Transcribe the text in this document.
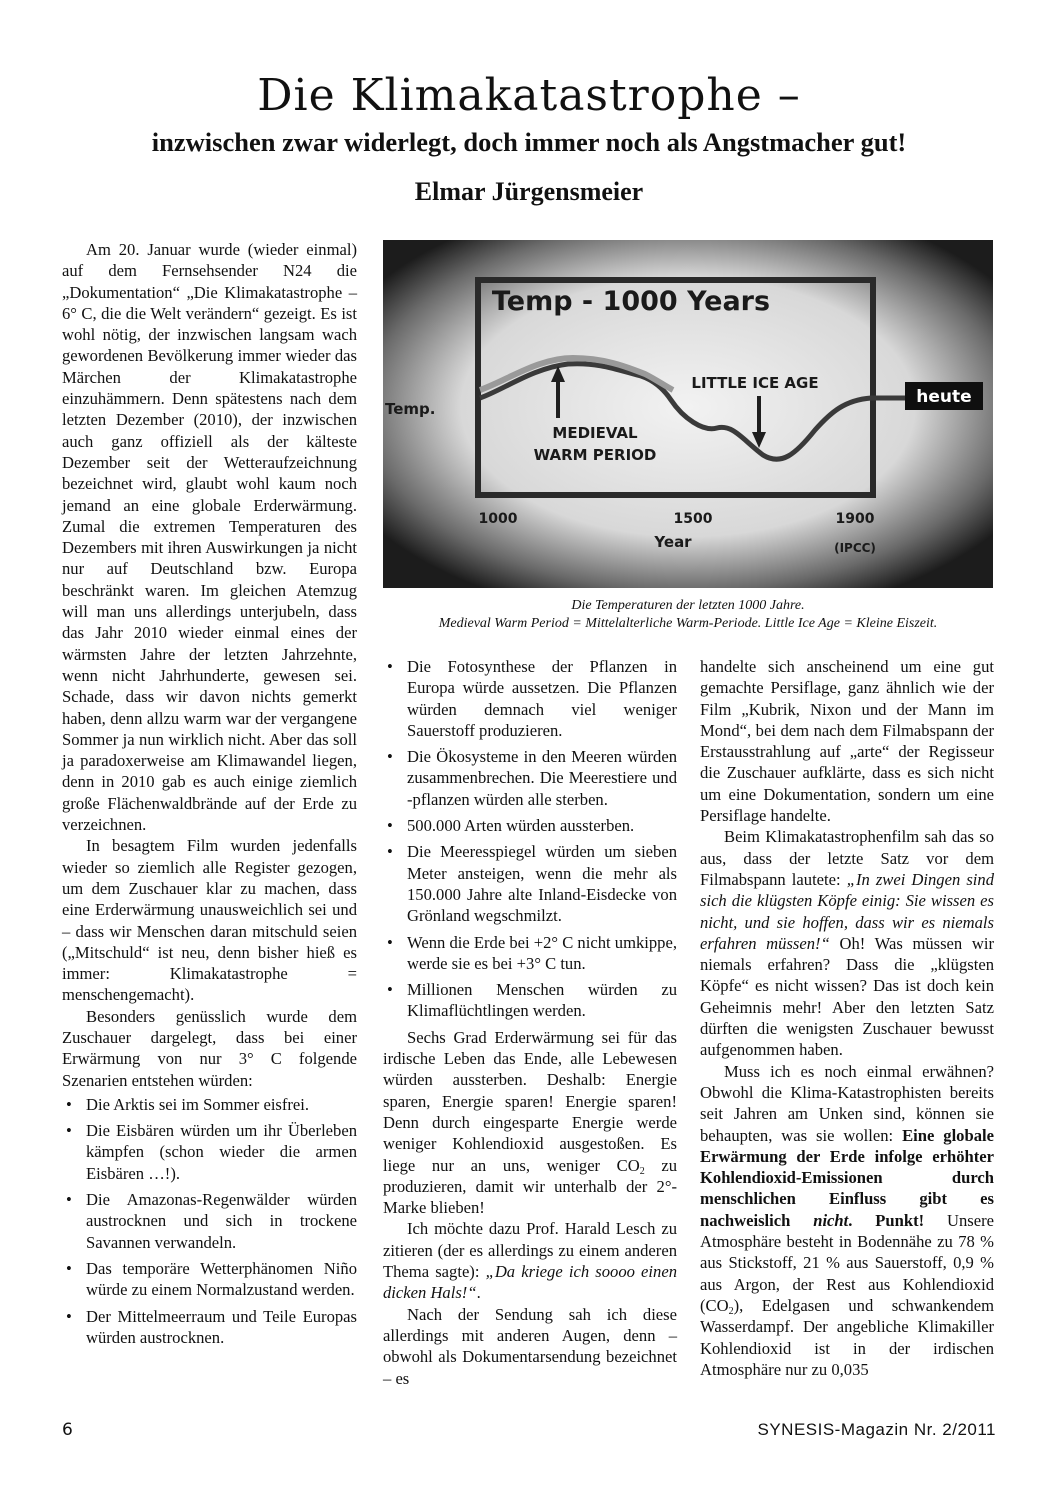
Die Klimakatastrophe –
inzwischen zwar widerlegt, doch immer noch als Angstmacher gut!
Elmar Jürgensmeier

Am 20. Januar wurde (wieder einmal) auf dem Fernsehsender N24 die „Dokumentation“ „Die Klimakatastrophe – 6° C, die die Welt verändern“ gezeigt. Es ist wohl nötig, der inzwischen langsam wach gewordenen Bevölkerung immer wieder das Märchen der Klimakatastrophe einzuhämmern. Denn spätestens nach dem letzten Dezember (2010), der inzwischen auch ganz offiziell als der kälteste Dezember seit der Wetteraufzeichnung bezeichnet wird, glaubt wohl kaum noch jemand an eine globale Erderwärmung. Zumal die extremen Temperaturen des Dezembers mit ihren Auswirkungen ja nicht nur auf Deutschland bzw. Europa beschränkt waren. Im gleichen Atemzug will man uns allerdings unterjubeln, dass das Jahr 2010 wieder einmal eines der wärmsten Jahre der letzten Jahrzehnte, wenn nicht Jahrhunderte, gewesen sei. Schade, dass wir davon nichts gemerkt haben, denn allzu warm war der vergangene Sommer ja nun wirklich nicht. Aber das soll ja paradoxerweise am Klimawandel liegen, denn in 2010 gab es auch einige ziemlich große Flächenwaldbrände auf der Erde zu verzeichnen.

In besagtem Film wurden jedenfalls wieder so ziemlich alle Register gezogen, um dem Zuschauer klar zu machen, dass eine Erderwärmung unausweichlich sei und – dass wir Menschen daran mitschuld seien („Mitschuld“ ist neu, denn bisher hieß es immer: Klimakatastrophe = menschengemacht).

Besonders genüsslich wurde dem Zuschauer dargelegt, dass bei einer Erwärmung von nur 3° C folgende Szenarien entstehen würden:

• Die Arktis sei im Sommer eisfrei.
• Die Eisbären würden um ihr Überleben kämpfen (schon wieder die armen Eisbären …!).
• Die Amazonas-Regenwälder würden austrocknen und sich in trockene Savannen verwandeln.
• Das temporäre Wetterphänomen Niño würde zu einem Normalzustand werden.
• Der Mittelmeerraum und Teile Europas würden austrocknen.
Temp - 1000 Years
Temp.
MEDIEVAL
WARM PERIOD
LITTLE ICE AGE
heute
1000	1500	1900
Year	(IPCC)
Die Temperaturen der letzten 1000 Jahre.
Medieval Warm Period = Mittelalterliche Warm-Periode. Little Ice Age = Kleine Eiszeit.
• Die Fotosynthese der Pflanzen in Europa würde aussetzen. Die Pflanzen würden demnach viel weniger Sauerstoff produzieren.
• Die Ökosysteme in den Meeren würden zusammenbrechen. Die Meerestiere und -pflanzen würden alle sterben.
• 500.000 Arten würden aussterben.
• Die Meeresspiegel würden um sieben Meter ansteigen, wenn die mehr als 150.000 Jahre alte Inland-Eisdecke von Grönland wegschmilzt.
• Wenn die Erde bei +2° C nicht umkippe, werde sie es bei +3° C tun.
• Millionen Menschen würden zu Klimaflüchtlingen werden.

Sechs Grad Erderwärmung sei für das irdische Leben das Ende, alle Lebewesen würden aussterben. Deshalb: Energie sparen, Energie sparen! Energie sparen! Denn durch eingesparte Energie werde weniger Kohlendioxid ausgestoßen. Es liege nur an uns, weniger $CO_2$ zu produzieren, damit wir unterhalb der 2°-Marke blieben!

Ich möchte dazu Prof. Harald Lesch zu zitieren (der es allerdings zu einem anderen Thema sagte): „Da kriege ich soooo einen dicken Hals!“.

Nach der Sendung sah ich diese allerdings mit anderen Augen, denn – obwohl als Dokumentarsendung bezeichnet – es

handelte sich anscheinend um eine gut gemachte Persiflage, ganz ähnlich wie der Film „Kubrik, Nixon und der Mann im Mond“, bei dem nach dem Filmabspann der Erstausstrahlung auf „arte“ der Regisseur die Zuschauer aufklärte, dass es sich nicht um eine Dokumentation, sondern um eine Persiflage handelte.

Beim Klimakatastrophenfilm sah das so aus, dass der letzte Satz vor dem Filmabspann lautete: „In zwei Dingen sind sich die klügsten Köpfe einig: Sie wissen es nicht, und sie hoffen, dass wir es niemals erfahren müssen!“ Oh! Was müssen wir niemals erfahren? Dass die „klügsten Köpfe“ es nicht wissen? Das ist doch kein Geheimnis mehr! Aber den letzten Satz dürften die wenigsten Zuschauer bewusst aufgenommen haben.

Muss ich es noch einmal erwähnen? Obwohl die Klima-Katastrophisten bereits seit Jahren am Unken sind, können sie behaupten, was sie wollen: Eine globale Erwärmung der Erde infolge erhöhter Kohlendioxid-Emissionen durch menschlichen Einfluss gibt es nachweislich nicht. Punkt! Unsere Atmosphäre besteht in Bodennähe zu 78 % aus Stickstoff, 21 % aus Sauerstoff, 0,9 % aus Argon, der Rest aus Kohlendioxid $(CO_2)$, Edelgasen und schwankendem Wasserdampf. Der angebliche Klimakiller Kohlendioxid ist in der irdischen Atmosphäre nur zu 0,035

6	SYNESIS-Magazin Nr. 2/2011
